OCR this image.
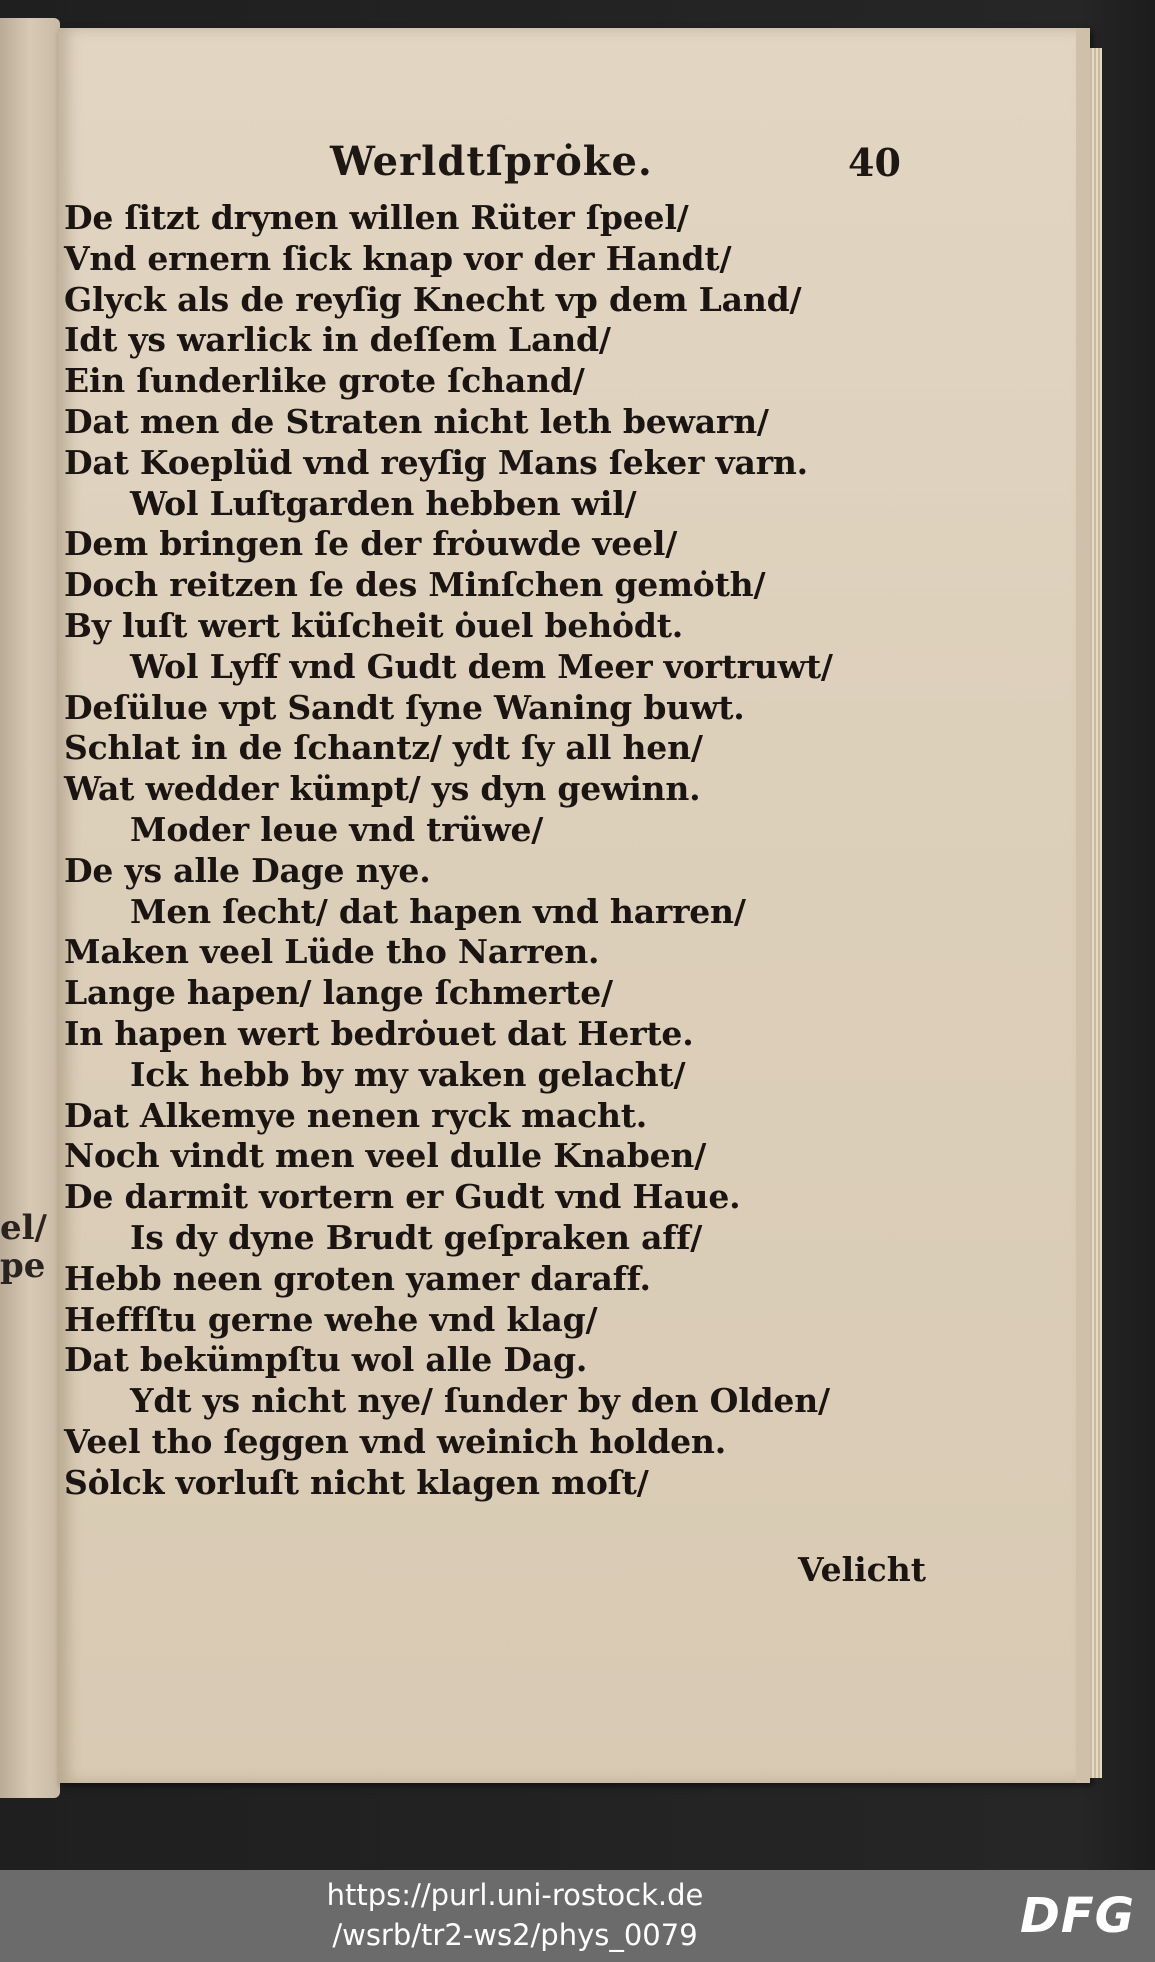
el/
pe
Werldtſprȯke.	40
De ſitzt drynen willen Rüter ſpeel/
Vnd ernern ſick knap vor der Handt/
Glyck als de reyſig Knecht vp dem Land/
Idt ys warlick in deſſem Land/
Ein ſunderlike grote ſchand/
Dat men de Straten nicht leth bewarn/
Dat Koeplüd vnd reyſig Mans ſeker varn.
Wol Luſtgarden hebben wil/
Dem bringen ſe der frȯuwde veel/
Doch reitzen ſe des Minſchen gemȯth/
By luſt wert küſcheit ȯuel behȯdt.
Wol Lyff vnd Gudt dem Meer vortruwt/
Deſülue vpt Sandt ſyne Waning buwt.
Schlat in de ſchantz/ ydt ſy all hen/
Wat wedder kümpt/ ys dyn gewinn.
Moder leue vnd trüwe/
De ys alle Dage nye.
Men ſecht/ dat hapen vnd harren/
Maken veel Lüde tho Narren.
Lange hapen/ lange ſchmerte/
In hapen wert bedrȯuet dat Herte.
Ick hebb by my vaken gelacht/
Dat Alkemye nenen ryck macht.
Noch vindt men veel dulle Knaben/
De darmit vortern er Gudt vnd Haue.
Is dy dyne Brudt geſpraken aff/
Hebb neen groten yamer daraff.
Heffſtu gerne wehe vnd klag/
Dat bekümpſtu wol alle Dag.
Ydt ys nicht nye/ ſunder by den Olden/
Veel tho ſeggen vnd weinich holden.
Sȯlck vorluſt nicht klagen moſt/
Velicht
https://purl.uni-rostock.de
/wsrb/tr2-ws2/phys_0079	DFG
